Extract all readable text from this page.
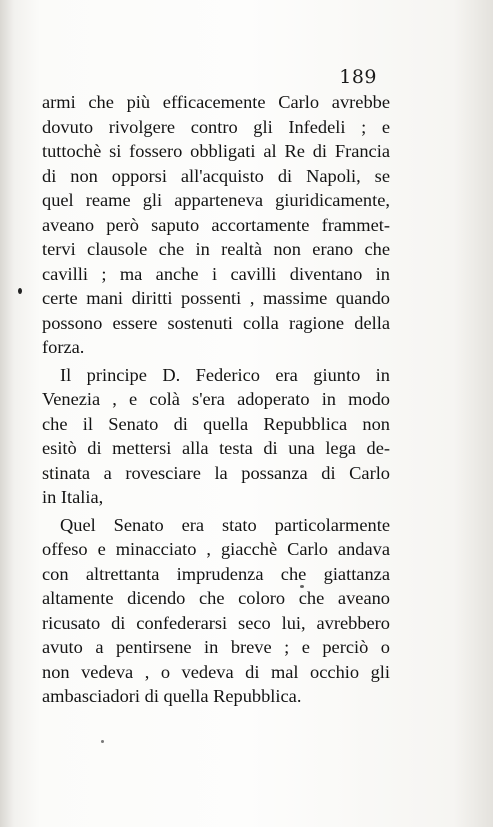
189
armi che più efficacemente Carlo avrebbe
dovuto rivolgere contro gli Infedeli ; e
tuttochè si fossero obbligati al Re di Francia
di non opporsi all'acquisto di Napoli, se
quel reame gli apparteneva giuridicamente,
aveano però saputo accortamente frammet-
tervi clausole che in realtà non erano che
cavilli ; ma anche i cavilli diventano in
certe mani diritti possenti , massime quando
possono essere sostenuti colla ragione della
forza.
Il principe D. Federico era giunto in
Venezia , e colà s'era adoperato in modo
che il Senato di quella Repubblica non
esitò di mettersi alla testa di una lega de-
stinata a rovesciare la possanza di Carlo
in Italia,
Quel Senato era stato particolarmente
offeso e minacciato , giacchè Carlo andava
con altrettanta imprudenza che giattanza
altamente dicendo che coloro che aveano
ricusato di confederarsi seco lui, avrebbero
avuto a pentirsene in breve ; e perciò o
non vedeva , o vedeva di mal occhio gli
ambasciadori di quella Repubblica.
